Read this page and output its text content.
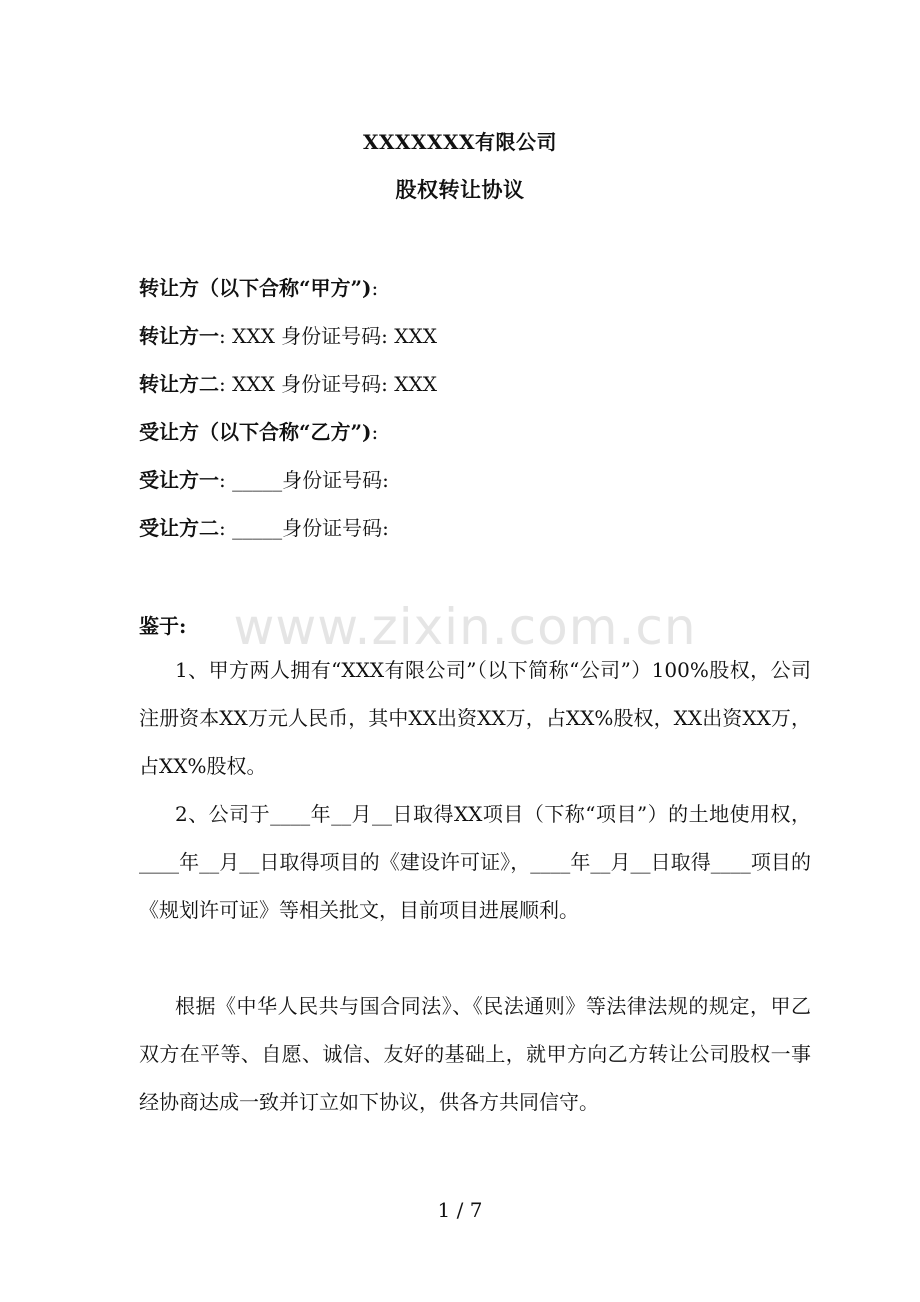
XXXXXXX有限公司
股权转让协议
转让方（以下合称“甲方”):
转让方一: XXX 身份证号码: XXX
转让方二: XXX 身份证号码: XXX
受让方（以下合称“乙方”):
受让方一: _____身份证号码:
受让方二: _____身份证号码:
鉴于:
1、甲方两人拥有“XXX有限公司”（以下简称“公司”）100%股权，公司注册资本XX万元人民币，其中XX出资XX万，占XX%股权，XX出资XX万，占XX%股权。
2、公司于____年__月__日取得XX项目（下称“项目”）的土地使用权，____年__月__日取得项目的《建设许可证》，____年__月__日取得____项目的《规划许可证》等相关批文，目前项目进展顺利。
根据《中华人民共与国合同法》、《民法通则》等法律法规的规定，甲乙双方在平等、自愿、诚信、友好的基础上，就甲方向乙方转让公司股权一事经协商达成一致并订立如下协议，供各方共同信守。
www.zixin.com.cn
1 / 7
